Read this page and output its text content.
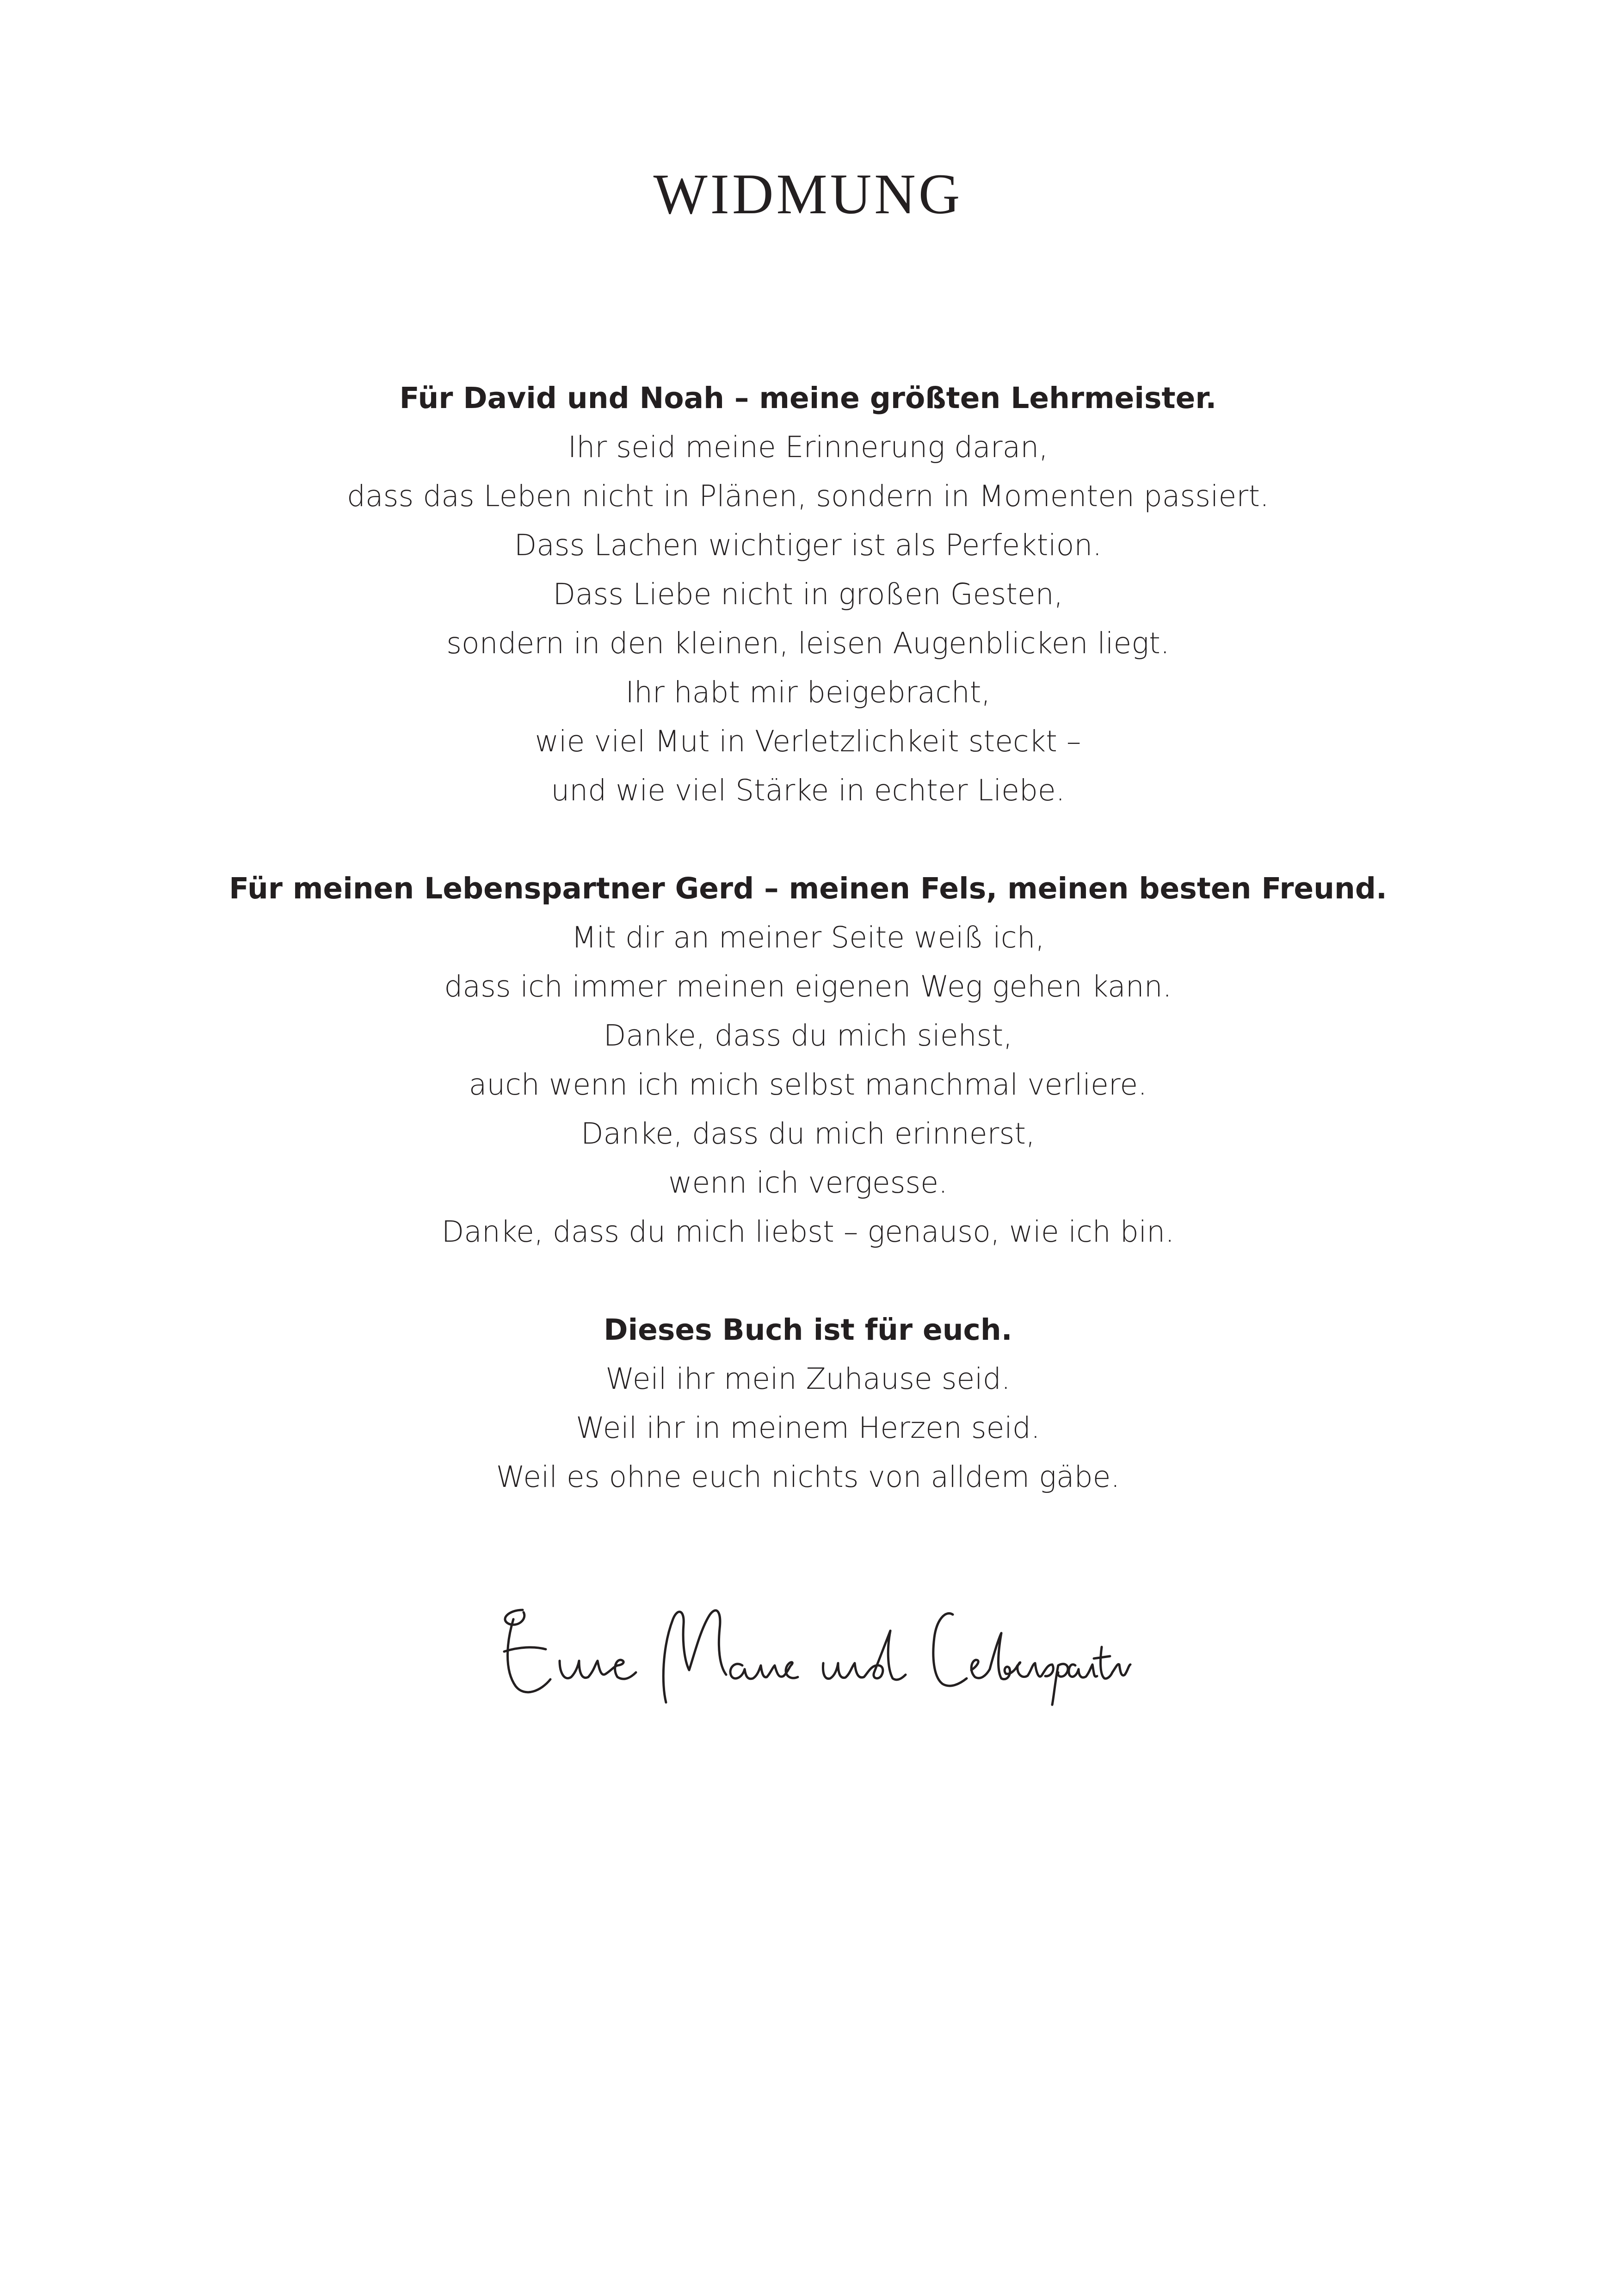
WIDMUNG
Für David und Noah – meine größten Lehrmeister.
Ihr seid meine Erinnerung daran,
dass das Leben nicht in Plänen, sondern in Momenten passiert.
Dass Lachen wichtiger ist als Perfektion.
Dass Liebe nicht in großen Gesten,
sondern in den kleinen, leisen Augenblicken liegt.
Ihr habt mir beigebracht,
wie viel Mut in Verletzlichkeit steckt –
und wie viel Stärke in echter Liebe.
Für meinen Lebenspartner Gerd – meinen Fels, meinen besten Freund.
Mit dir an meiner Seite weiß ich,
dass ich immer meinen eigenen Weg gehen kann.
Danke, dass du mich siehst,
auch wenn ich mich selbst manchmal verliere.
Danke, dass du mich erinnerst,
wenn ich vergesse.
Danke, dass du mich liebst – genauso, wie ich bin.
Dieses Buch ist für euch.
Weil ihr mein Zuhause seid.
Weil ihr in meinem Herzen seid.
Weil es ohne euch nichts von alldem gäbe.
